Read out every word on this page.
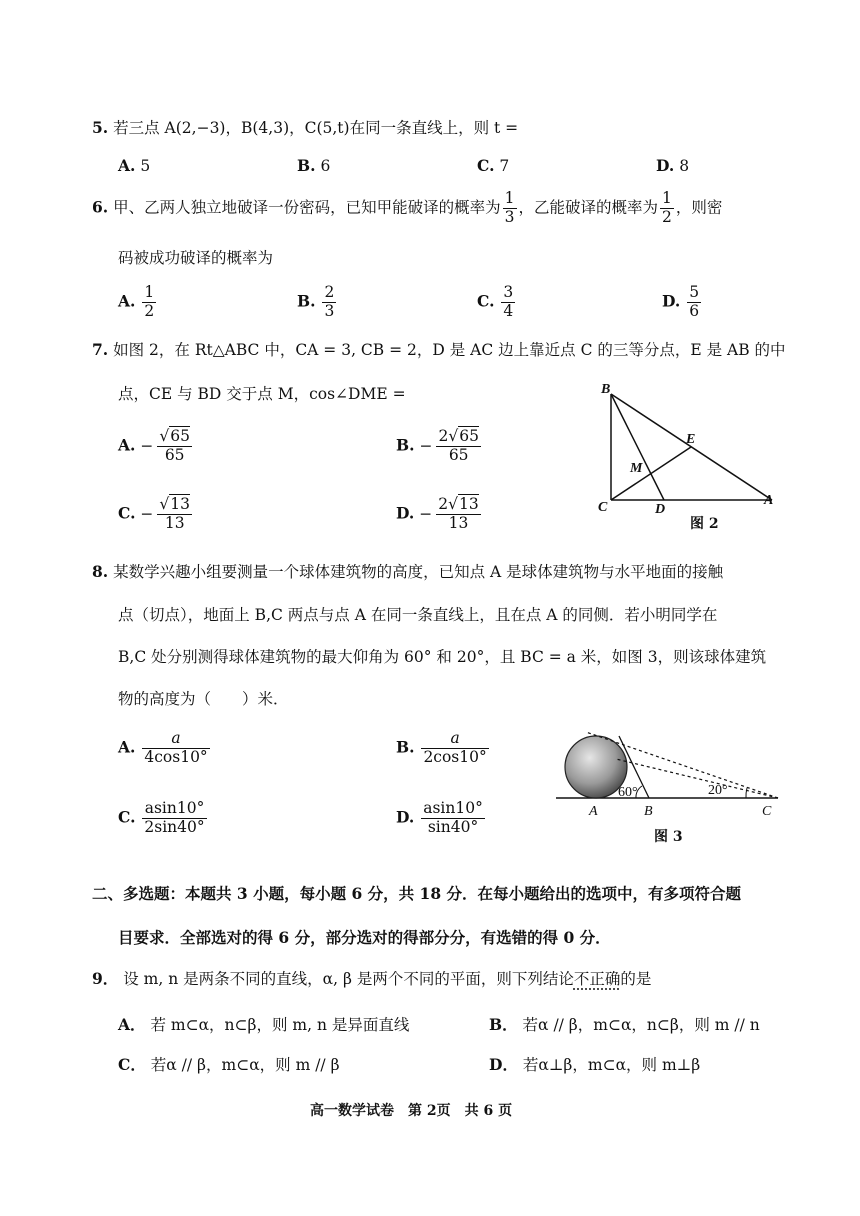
5. 若三点 A(2,−3)，B(4,3)，C(5,t)在同一条直线上，则 t =
A. 5	B. 6	C. 7	D. 8
6. 甲、乙两人独立地破译一份密码，已知甲能破译的概率为 $\frac{1}{3}$ ，乙能破译的概率为 $\frac{1}{2}$ ，则密
码被成功破译的概率为
A. $\frac{1}{2}$	B. $\frac{2}{3}$	C. $\frac{3}{4}$	D. $\frac{5}{6}$
7. 如图 2，在 Rt△ABC 中，CA = 3, CB = 2，D 是 AC 边上靠近点 C 的三等分点，E 是 AB 的中
点，CE 与 BD 交于点 M，cos∠DME =
A. − $\frac{√65}{65}$	B. − $\frac{2√65}{65}$
C. − $\frac{√13}{13}$	D. − $\frac{2√13}{13}$
B
E
M
C	D
A
图 2
8. 某数学兴趣小组要测量一个球体建筑物的高度，已知点 A 是球体建筑物与水平地面的接触
点（切点），地面上 B,C 两点与点 A 在同一条直线上，且在点 A 的同侧．若小明同学在
B,C 处分别测得球体建筑物的最大仰角为 60° 和 20°，且 BC = a 米，如图 3，则该球体建筑
物的高度为（　　）米．
A. $\frac{a}{4\cos 10^\circ}$	B. $\frac{a}{2\cos 10^\circ}$
C. $\frac{asin10^\circ}{2\sin 40^\circ}$	D. $\frac{asin10^\circ}{\sin 40^\circ}$
60°	20°
A	B	C
图 3
二、多选题：本题共 3 小题，每小题 6 分，共 18 分．在每小题给出的选项中，有多项符合题
目要求．全部选对的得 6 分，部分选对的得部分分，有选错的得 0 分．
9． 设 m, n 是两条不同的直线，α, β 是两个不同的平面，则下列结论不正确的是
A． 若 m⊂α，n⊂β，则 m, n 是异面直线	B． 若α // β，m⊂α，n⊂β，则 m // n
C． 若α // β，m⊂α，则 m // β	D． 若α⊥β，m⊂α，则 m⊥β
高一数学试卷　第 2页　共 6 页
